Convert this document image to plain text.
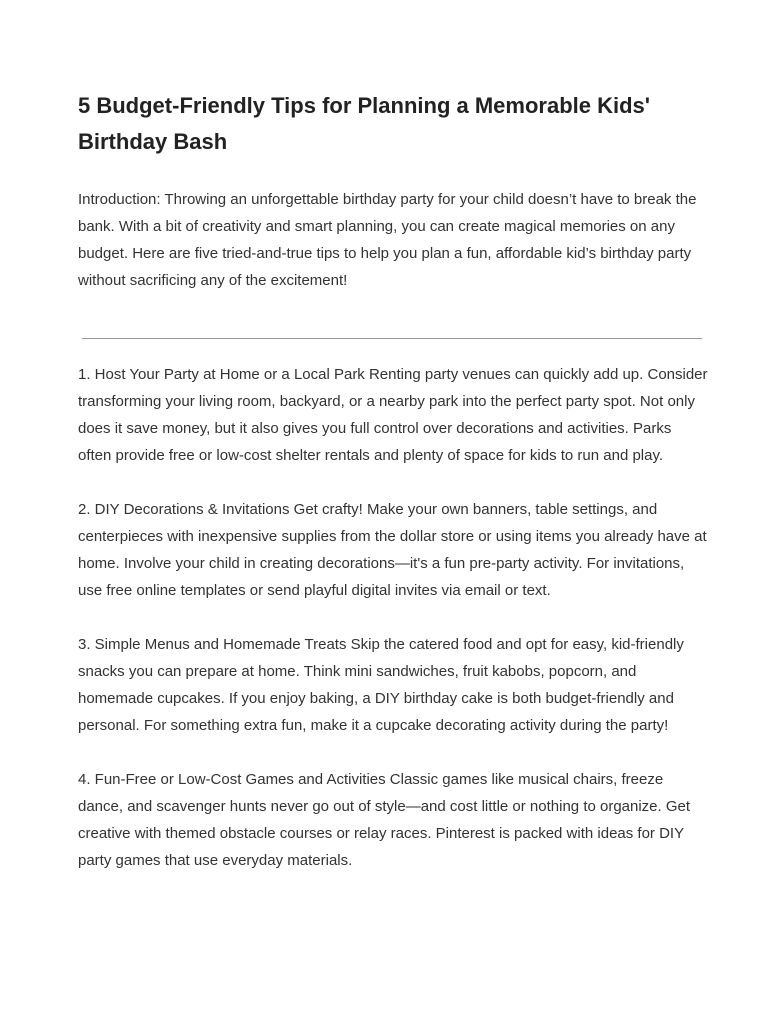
5 Budget-Friendly Tips for Planning a Memorable Kids' Birthday Bash

Introduction: Throwing an unforgettable birthday party for your child doesn’t have to break the bank. With a bit of creativity and smart planning, you can create magical memories on any budget. Here are five tried-and-true tips to help you plan a fun, affordable kid’s birthday party without sacrificing any of the excitement!

1. Host Your Party at Home or a Local Park Renting party venues can quickly add up. Consider transforming your living room, backyard, or a nearby park into the perfect party spot. Not only does it save money, but it also gives you full control over decorations and activities. Parks often provide free or low-cost shelter rentals and plenty of space for kids to run and play.

2. DIY Decorations & Invitations Get crafty! Make your own banners, table settings, and centerpieces with inexpensive supplies from the dollar store or using items you already have at home. Involve your child in creating decorations—it's a fun pre-party activity. For invitations, use free online templates or send playful digital invites via email or text.

3. Simple Menus and Homemade Treats Skip the catered food and opt for easy, kid-friendly snacks you can prepare at home. Think mini sandwiches, fruit kabobs, popcorn, and homemade cupcakes. If you enjoy baking, a DIY birthday cake is both budget-friendly and personal. For something extra fun, make it a cupcake decorating activity during the party!

4. Fun-Free or Low-Cost Games and Activities Classic games like musical chairs, freeze dance, and scavenger hunts never go out of style—and cost little or nothing to organize. Get creative with themed obstacle courses or relay races. Pinterest is packed with ideas for DIY party games that use everyday materials.
